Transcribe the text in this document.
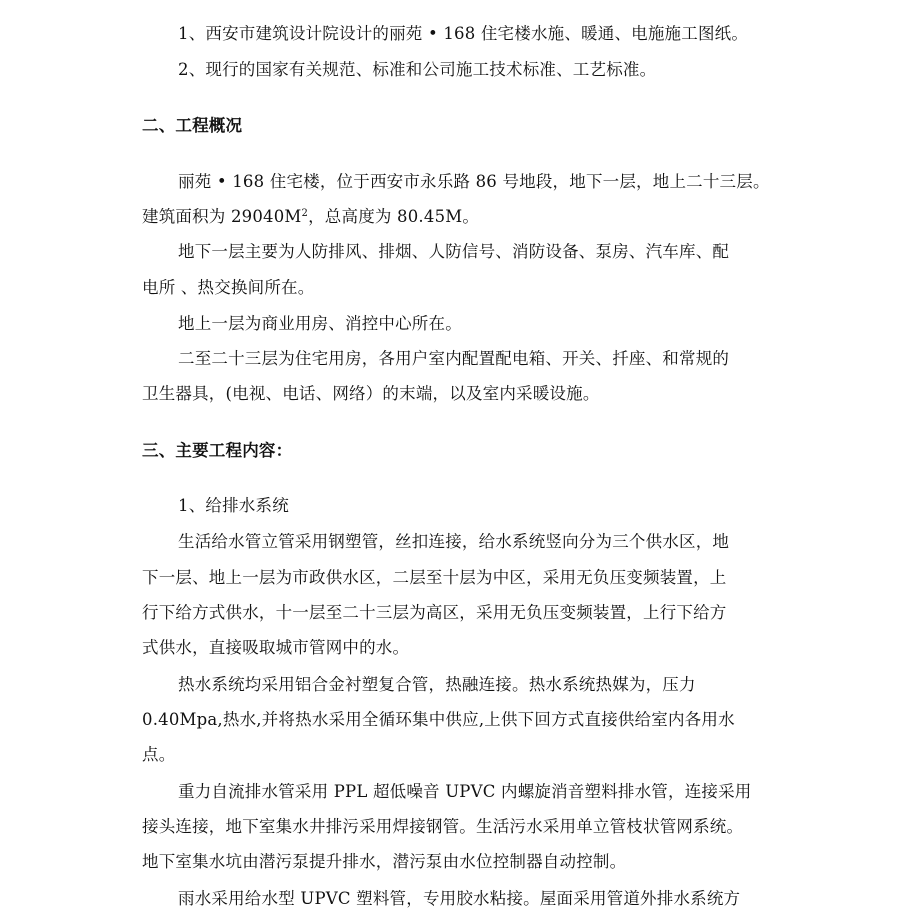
1、西安市建筑设计院设计的丽苑 • 168 住宅楼水施、暖通、电施施工图纸。
2、现行的国家有关规范、标准和公司施工技术标准、工艺标准。
二、工程概况
丽苑 • 168 住宅楼，位于西安市永乐路 86 号地段，地下一层，地上二十三层。
建筑面积为 $29040M^2$，总高度为 80.45M。
地下一层主要为人防排风、排烟、人防信号、消防设备、泵房、汽车库、配
电所 、热交换间所在。
地上一层为商业用房、消控中心所在。
二至二十三层为住宅用房，各用户室内配置配电箱、开关、扦座、和常规的
卫生器具，(电视、电话、网络）的末端，以及室内采暖设施。
三、主要工程内容：
1、给排水系统
生活给水管立管采用钢塑管，丝扣连接，给水系统竖向分为三个供水区，地
下一层、地上一层为市政供水区，二层至十层为中区，采用无负压变频装置，上
行下给方式供水，十一层至二十三层为高区，采用无负压变频装置，上行下给方
式供水，直接吸取城市管网中的水。
热水系统均采用铝合金衬塑复合管，热融连接。热水系统热媒为，压力
0.40Mpa,热水,并将热水采用全循环集中供应,上供下回方式直接供给室内各用水
点。
重力自流排水管采用 PPL 超低噪音 UPVC 内螺旋消音塑料排水管，连接采用
接头连接，地下室集水井排污采用焊接钢管。生活污水采用单立管枝状管网系统。
地下室集水坑由潜污泵提升排水，潜污泵由水位控制器自动控制。
雨水采用给水型 UPVC 塑料管，专用胶水粘接。屋面采用管道外排水系统方
